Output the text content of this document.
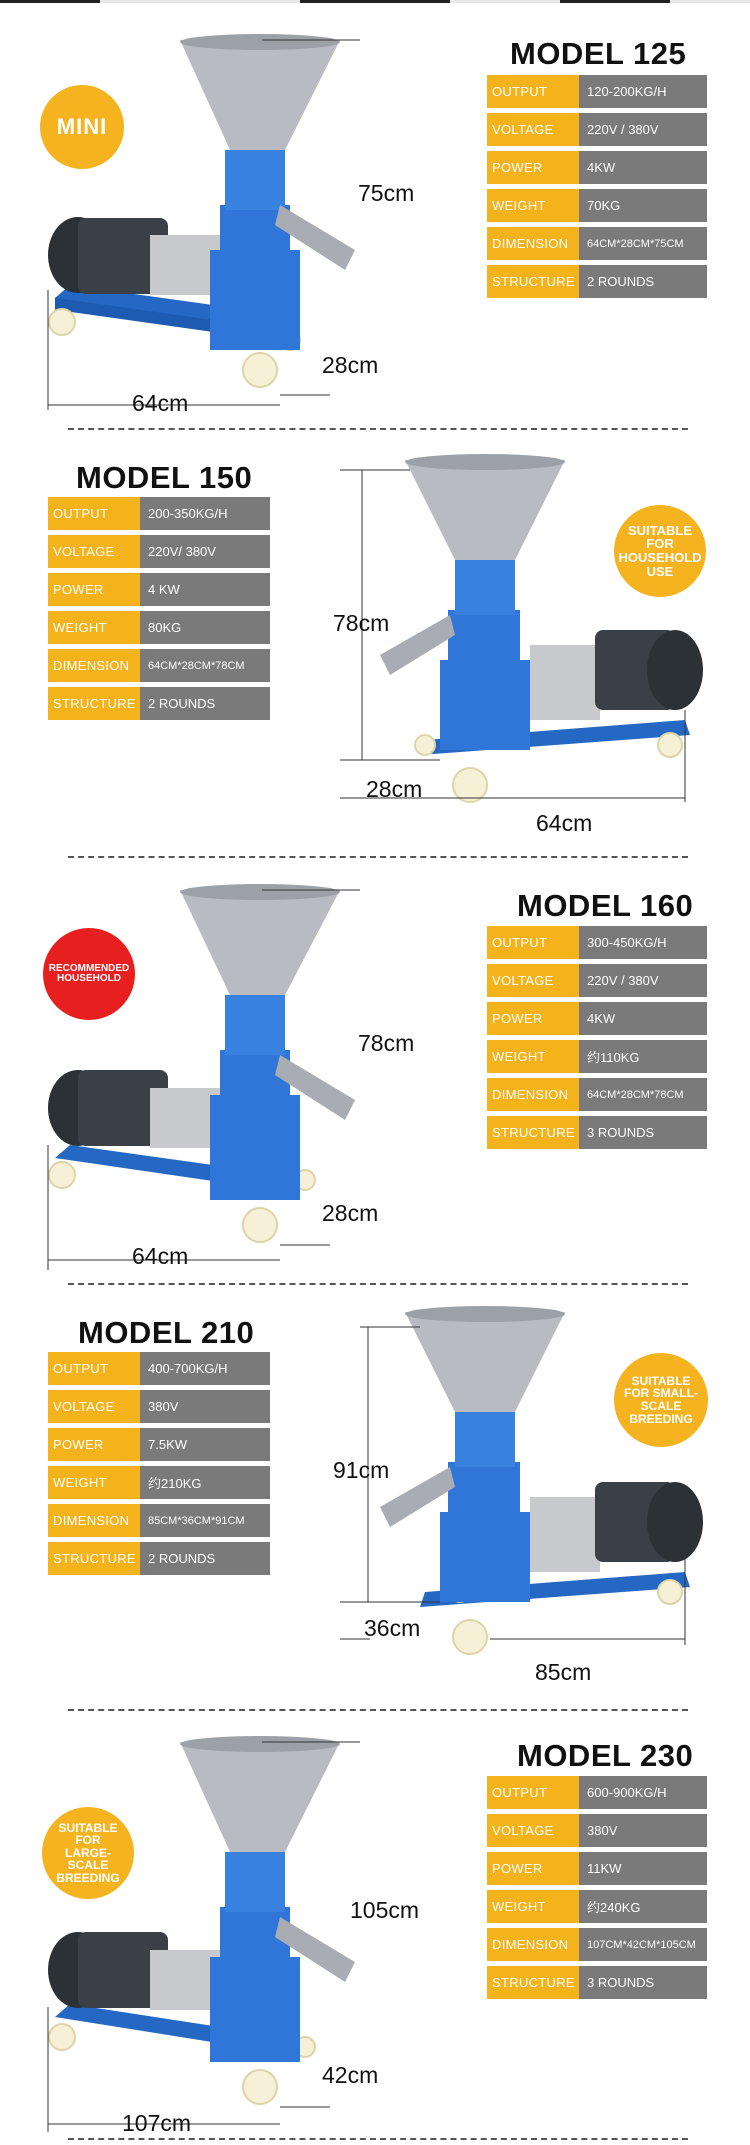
MODEL 125
OUTPUT	120-200KG/H
VOLTAGE	220V / 380V
POWER	4KW
WEIGHT	70KG
DIMENSION	64CM*28CM*75CM
STRUCTURE 2 ROUNDS
MINI
75cm
28cm
64cm
MODEL 150
OUTPUT	200-350KG/H
VOLTAGE	220V/ 380V
POWER	4 KW
WEIGHT	80KG
DIMENSION	64CM*28CM*78CM
STRUCTURE 2 ROUNDS
SUITABLE FOR HOUSEHOLD USE
78cm
28cm
64cm
MODEL 160
OUTPUT	300-450KG/H
VOLTAGE	220V / 380V
POWER	4KW
WEIGHT	约110KG
DIMENSION	64CM*28CM*78CM
STRUCTURE 3 ROUNDS
RECOMMENDED HOUSEHOLD
78cm
28cm
64cm
MODEL 210
OUTPUT	400-700KG/H
VOLTAGE	380V
POWER	7.5KW
WEIGHT	约210KG
DIMENSION	85CM*36CM*91CM
STRUCTURE 2 ROUNDS
SUITABLE FOR SMALL-SCALE BREEDING
91cm
36cm
85cm
MODEL 230
OUTPUT	600-900KG/H
VOLTAGE	380V
POWER	11KW
WEIGHT	约240KG
DIMENSION	107CM*42CM*105CM
STRUCTURE 3 ROUNDS
SUITABLE FOR LARGE-SCALE BREEDING
105cm
42cm
107cm
